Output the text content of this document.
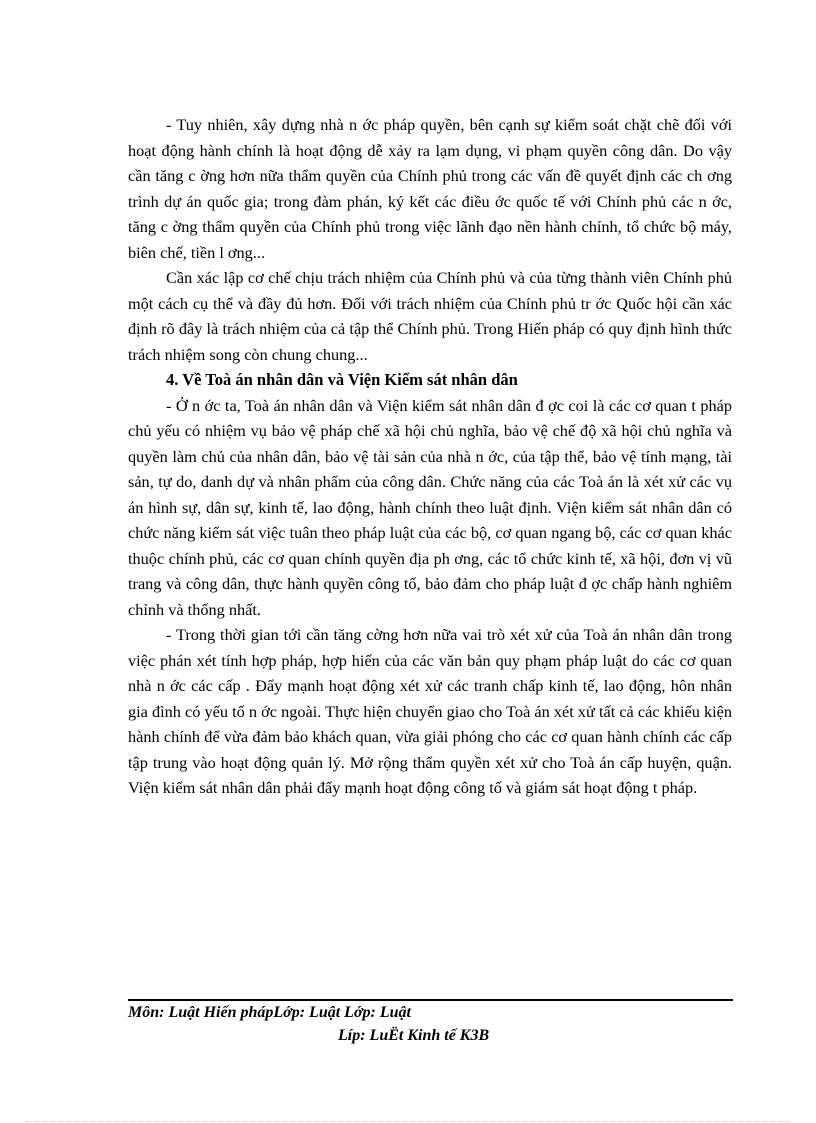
- Tuy nhiên, xây dựng nhà n ớc pháp quyền, bên cạnh sự kiểm soát chặt chẽ đối với hoạt động hành chính là hoạt động dễ xảy ra lạm dụng, vi phạm quyền công dân. Do vậy cần tăng c ờng hơn nữa thẩm quyền của Chính phủ trong các vấn đề quyết định các ch ơng trình dự án quốc gia; trong đàm phán, ký kết các điều ớc quốc tế với Chính phủ các n ớc, tăng c ờng thẩm quyền của Chính phủ trong việc lãnh đạo nền hành chính, tổ chức bộ máy, biên chế, tiền l ơng...

Cần xác lập cơ chế chịu trách nhiệm của Chính phủ và của từng thành viên Chính phủ một cách cụ thể và đầy đủ hơn. Đối với trách nhiệm của Chính phủ tr ớc Quốc hội cần xác định rõ đây là trách nhiệm của cả tập thể Chính phủ. Trong Hiến pháp có quy định hình thức trách nhiệm song còn chung chung...

4. Về Toà án nhân dân và Viện Kiểm sát nhân dân

- Ở n ớc ta, Toà án nhân dân và Viện kiểm sát nhân dân đ ợc coi là các cơ quan t pháp chủ yếu có nhiệm vụ bảo vệ pháp chế xã hội chủ nghĩa, bảo vệ chế độ xã hội chủ nghĩa và quyền làm chủ của nhân dân, bảo vệ tài sản của nhà n ớc, của tập thể, bảo vệ tính mạng, tài sản, tự do, danh dự và nhân phẩm của công dân. Chức năng của các Toà án là xét xử các vụ án hình sự, dân sự, kinh tế, lao động, hành chính theo luật định. Viện kiểm sát nhân dân có chức năng kiểm sát việc tuân theo pháp luật của các bộ, cơ quan ngang bộ, các cơ quan khác thuộc chính phủ, các cơ quan chính quyền địa ph ơng, các tổ chức kinh tế, xã hội, đơn vị vũ trang và công dân, thực hành quyền công tố, bảo đảm cho pháp luật đ ợc chấp hành nghiêm chỉnh và thống nhất.

- Trong thời gian tới cần tăng cờng hơn nữa vai trò xét xử của Toà án nhân dân trong việc phán xét tính hợp pháp, hợp hiến của các văn bản quy phạm pháp luật do các cơ quan nhà n ớc các cấp . Đẩy mạnh hoạt động xét xử các tranh chấp kinh tế, lao động, hôn nhân gia đình có yếu tố n ớc ngoài. Thực hiện chuyển giao cho Toà án xét xử tất cả các khiếu kiện hành chính để vừa đảm bảo khách quan, vừa giải phóng cho các cơ quan hành chính các cấp tập trung vào hoạt động quản lý. Mở rộng thẩm quyền xét xử cho Toà án cấp huyện, quận. Viện kiểm sát nhân dân phải đẩy mạnh hoạt động công tố và giám sát hoạt động t pháp.

Môn: Luật Hiến phápLớp: Luật Lớp: Luật
Líp: LuËt Kinh tế K3B
